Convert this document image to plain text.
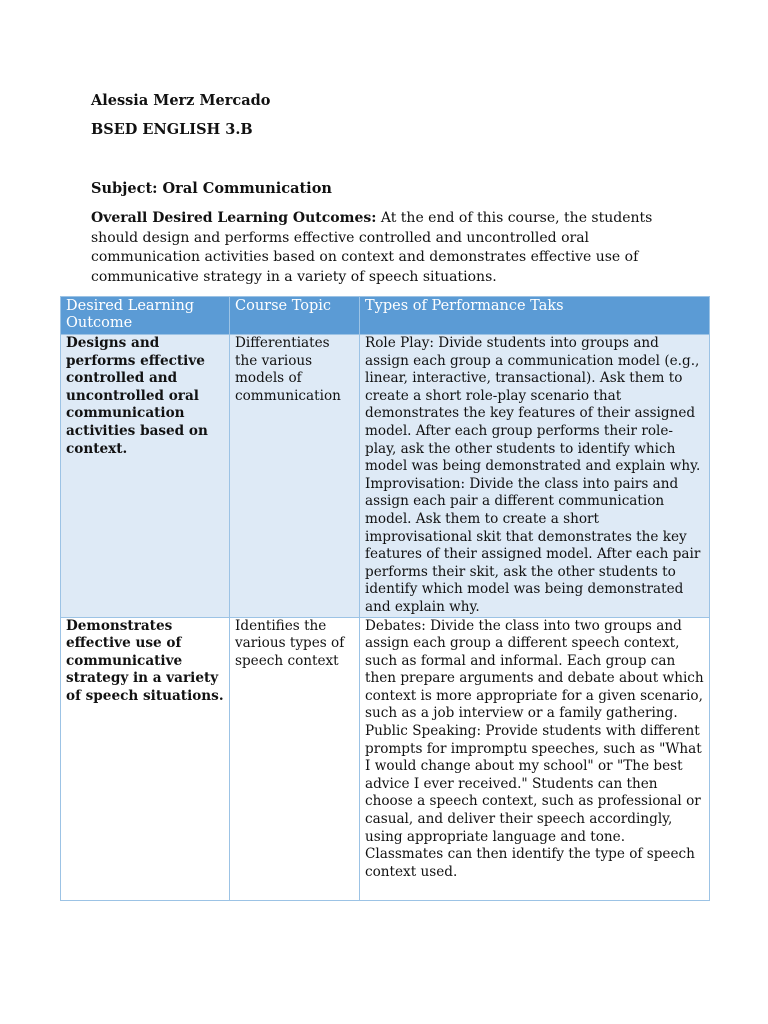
Alessia Merz Mercado

BSED ENGLISH 3.B

Subject: Oral Communication

Overall Desired Learning Outcomes: At the end of this course, the students should design and performs effective controlled and uncontrolled oral communication activities based on context and demonstrates effective use of communicative strategy in a variety of speech situations.

Desired Learning Outcome	Course Topic	Types of Performance Taks
Designs and performs effective controlled and uncontrolled oral communication activities based on context.	Differentiates the various models of communication	Role Play: Divide students into groups and assign each group a communication model (e.g., linear, interactive, transactional). Ask them to create a short role-play scenario that demonstrates the key features of their assigned model. After each group performs their role-play, ask the other students to identify which model was being demonstrated and explain why.
Improvisation: Divide the class into pairs and assign each pair a different communication model. Ask them to create a short improvisational skit that demonstrates the key features of their assigned model. After each pair performs their skit, ask the other students to identify which model was being demonstrated and explain why.

Demonstrates effective use of communicative strategy in a variety of speech situations.	Identifies the various types of speech context	Debates: Divide the class into two groups and assign each group a different speech context, such as formal and informal. Each group can then prepare arguments and debate about which context is more appropriate for a given scenario, such as a job interview or a family gathering.
Public Speaking: Provide students with different prompts for impromptu speeches, such as "What I would change about my school" or "The best advice I ever received." Students can then choose a speech context, such as professional or casual, and deliver their speech accordingly, using appropriate language and tone. Classmates can then identify the type of speech context used.
